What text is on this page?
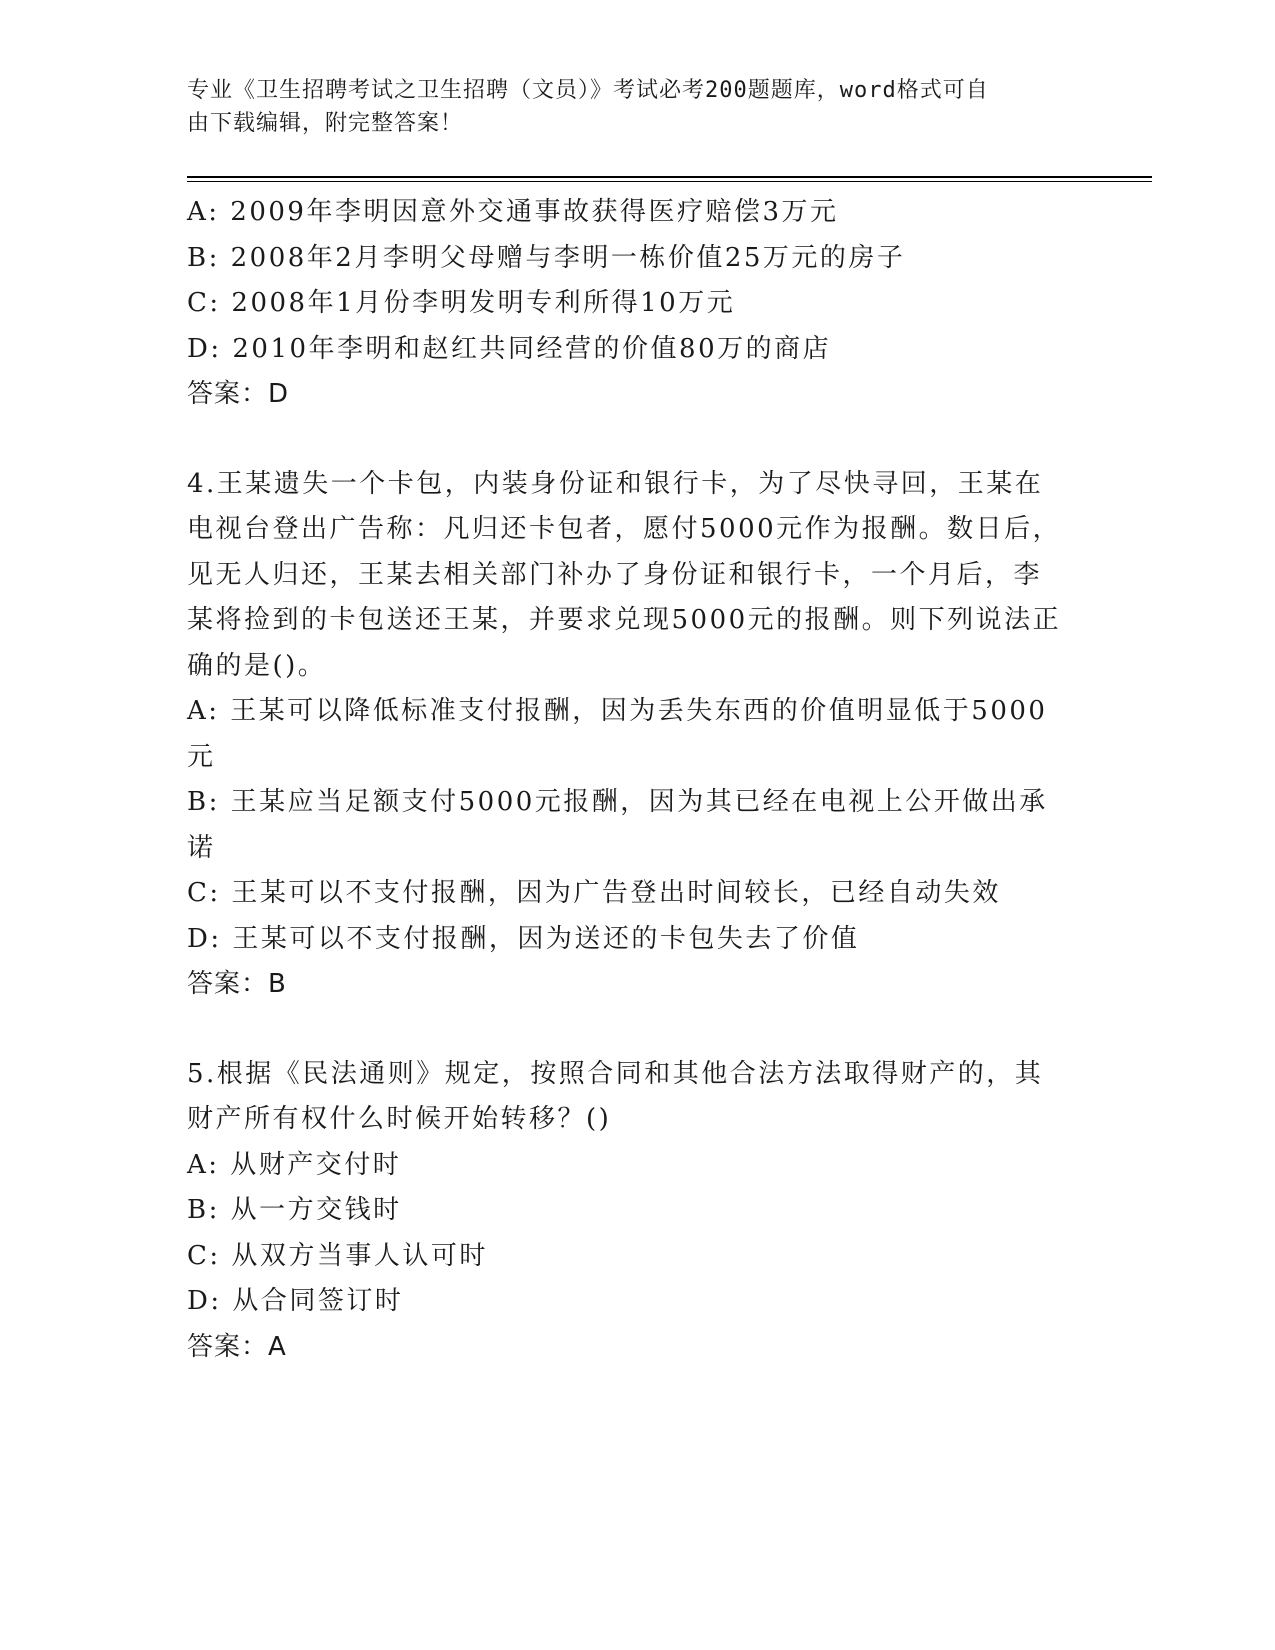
专业《卫生招聘考试之卫生招聘（文员）》考试必考200题题库，word格式可自
由下载编辑，附完整答案！

A: 2009年李明因意外交通事故获得医疗赔偿3万元

B: 2008年2月李明父母赠与李明一栋价值25万元的房子

C: 2008年1月份李明发明专利所得10万元

D: 2010年李明和赵红共同经营的价值80万的商店

答案：D

4.王某遗失一个卡包，内装身份证和银行卡，为了尽快寻回，王某在

电视台登出广告称：凡归还卡包者，愿付5000元作为报酬。数日后，

见无人归还，王某去相关部门补办了身份证和银行卡，一个月后，李

某将捡到的卡包送还王某，并要求兑现5000元的报酬。则下列说法正

确的是()。

A: 王某可以降低标准支付报酬，因为丢失东西的价值明显低于5000

元

B: 王某应当足额支付5000元报酬，因为其已经在电视上公开做出承

诺

C: 王某可以不支付报酬，因为广告登出时间较长，已经自动失效

D: 王某可以不支付报酬，因为送还的卡包失去了价值

答案：B

5.根据《民法通则》规定，按照合同和其他合法方法取得财产的，其

财产所有权什么时候开始转移？()

A: 从财产交付时

B: 从一方交钱时

C: 从双方当事人认可时

D: 从合同签订时

答案：A
